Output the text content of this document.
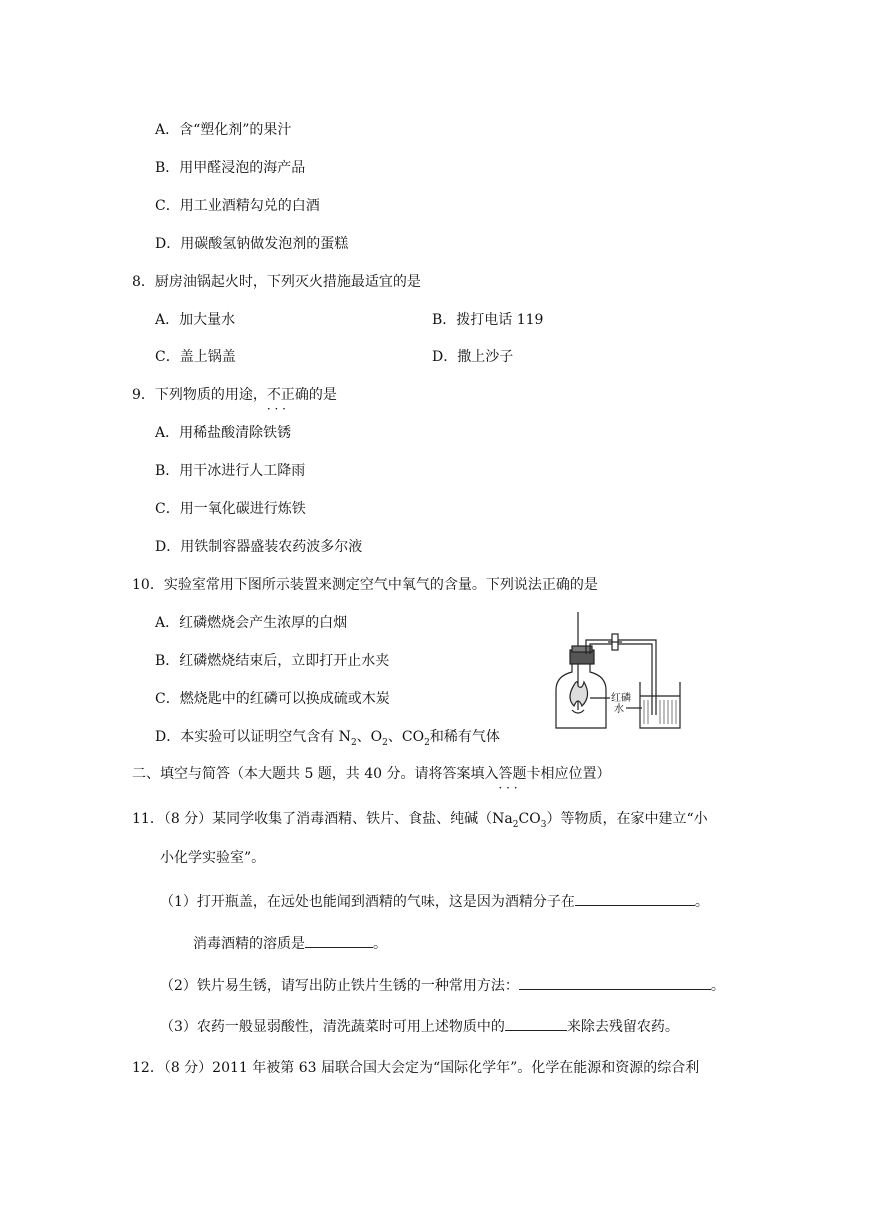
A．含“塑化剂”的果汁
B．用甲醛浸泡的海产品
C．用工业酒精勾兑的白酒
D．用碳酸氢钠做发泡剂的蛋糕
8．厨房油锅起火时，下列灭火措施最适宜的是
A．加大量水	B．拨打电话 119
C．盖上锅盖	D．撒上沙子
9．下列物质的用途，不正确 · · ·的是
A．用稀盐酸清除铁锈
B．用干冰进行人工降雨
C．用一氧化碳进行炼铁
D．用铁制容器盛装农药波多尔液
10．实验室常用下图所示装置来测定空气中氧气的含量。下列说法正确的是
A．红磷燃烧会产生浓厚的白烟
B．红磷燃烧结束后，立即打开止水夹
C．燃烧匙中的红磷可以换成硫或木炭
D．本实验可以证明空气含有 $N_2$、$O_2$、$CO_2$和稀有气体
红磷
水
二、填空与简答（本大题共 5 题，共 40 分。请将答案填入答题卡 · · ·相应位置）
11．（8 分）某同学收集了消毒酒精、铁片、食盐、纯碱$(Na_2CO_3)$等物质，在家中建立“小
小化学实验室”。
（1）打开瓶盖，在远处也能闻到酒精的气味，这是因为酒精分子在	。
消毒酒精的溶质是	。
（2）铁片易生锈，请写出防止铁片生锈的一种常用方法：	。
（3）农药一般显弱酸性，清洗蔬菜时可用上述物质中的	来除去残留农药。
12．（8 分）2011 年被第 63 届联合国大会定为“国际化学年”。化学在能源和资源的综合利
